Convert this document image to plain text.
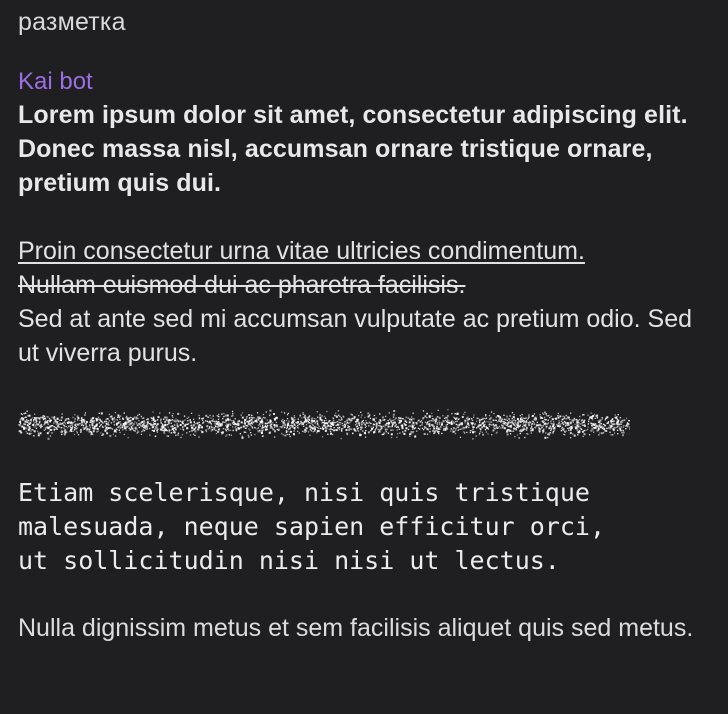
разметка
Kai bot

Lorem ipsum dolor sit amet, consectetur adipiscing elit. Donec massa nisl, accumsan ornare tristique ornare, pretium quis dui.

Proin consectetur urna vitae ultricies condimentum.
Nullam euismod dui ac pharetra facilisis.
Sed at ante sed mi accumsan vulputate ac pretium odio. Sed ut viverra purus.
Etiam scelerisque, nisi quis tristique
malesuada, neque sapien efficitur orci,
ut sollicitudin nisi nisi ut lectus.
Nulla dignissim metus et sem facilisis aliquet quis sed metus.
